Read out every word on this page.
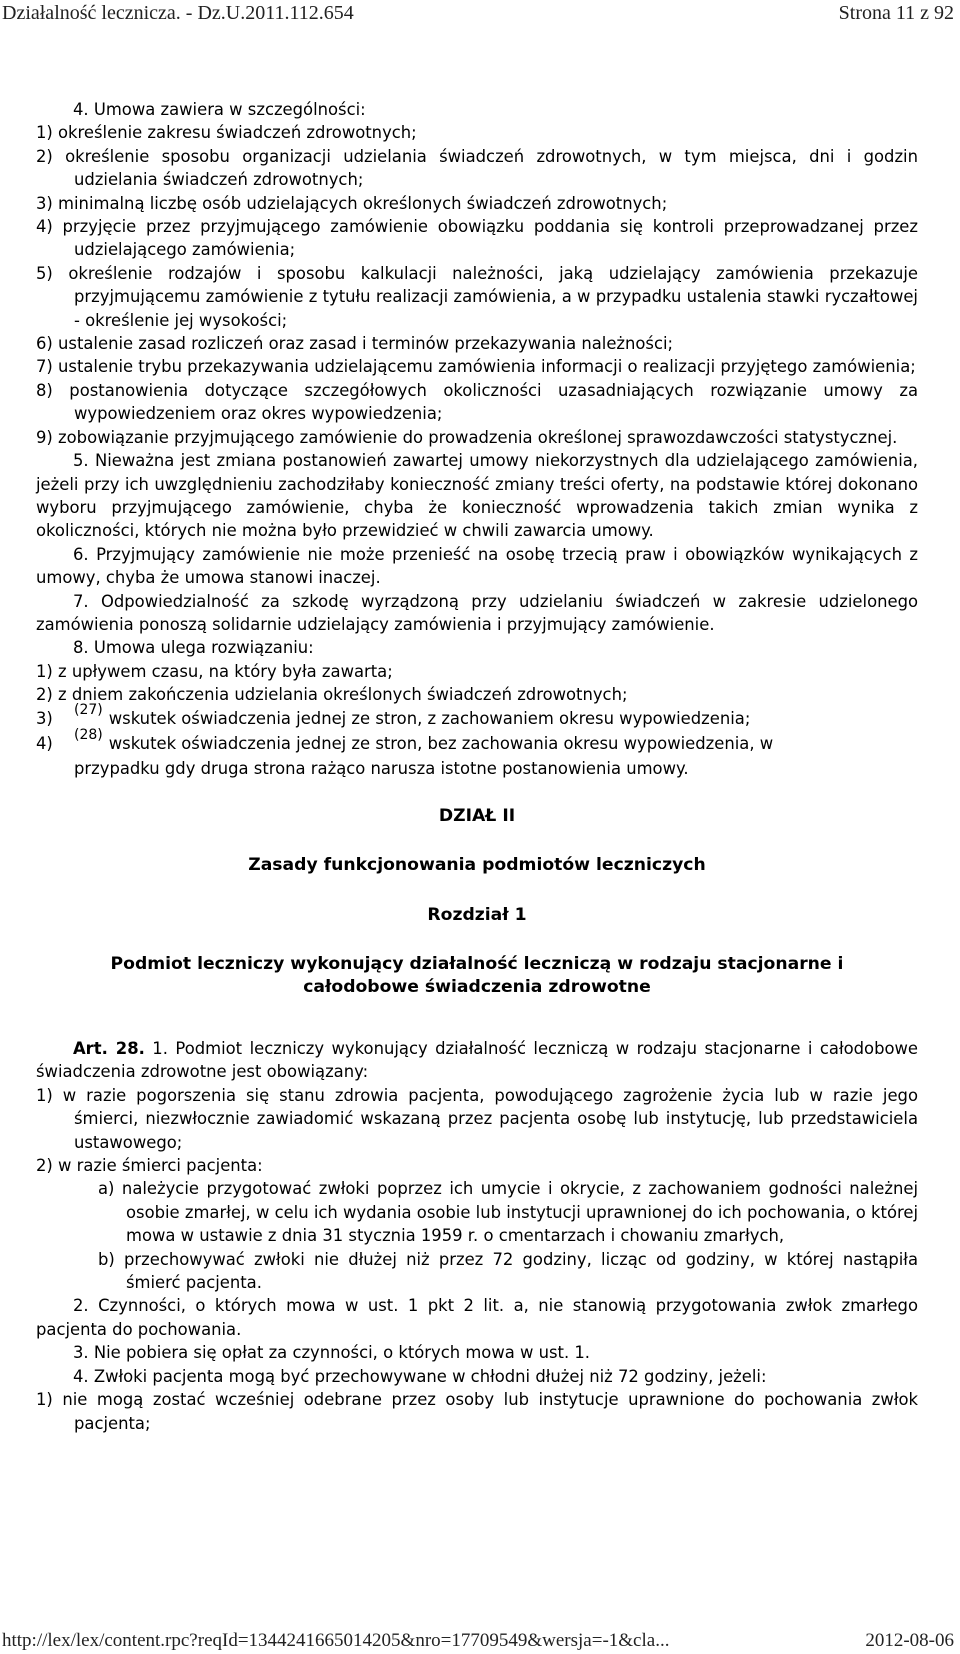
Działalność lecznicza. - Dz.U.2011.112.654	Strona 11 z 92

4. Umowa zawiera w szczególności:

1) określenie zakresu świadczeń zdrowotnych;

2) określenie sposobu organizacji udzielania świadczeń zdrowotnych, w tym miejsca, dni i godzin udzielania świadczeń zdrowotnych;

3) minimalną liczbę osób udzielających określonych świadczeń zdrowotnych;

4) przyjęcie przez przyjmującego zamówienie obowiązku poddania się kontroli przeprowadzanej przez udzielającego zamówienia;

5) określenie rodzajów i sposobu kalkulacji należności, jaką udzielający zamówienia przekazuje przyjmującemu zamówienie z tytułu realizacji zamówienia, a w przypadku ustalenia stawki ryczałtowej - określenie jej wysokości;

6) ustalenie zasad rozliczeń oraz zasad i terminów przekazywania należności;

7) ustalenie trybu przekazywania udzielającemu zamówienia informacji o realizacji przyjętego zamówienia;

8) postanowienia dotyczące szczegółowych okoliczności uzasadniających rozwiązanie umowy za wypowiedzeniem oraz okres wypowiedzenia;

9) zobowiązanie przyjmującego zamówienie do prowadzenia określonej sprawozdawczości statystycznej.

5. Nieważna jest zmiana postanowień zawartej umowy niekorzystnych dla udzielającego zamówienia, jeżeli przy ich uwzględnieniu zachodziłaby konieczność zmiany treści oferty, na podstawie której dokonano wyboru przyjmującego zamówienie, chyba że konieczność wprowadzenia takich zmian wynika z okoliczności, których nie można było przewidzieć w chwili zawarcia umowy.

6. Przyjmujący zamówienie nie może przenieść na osobę trzecią praw i obowiązków wynikających z umowy, chyba że umowa stanowi inaczej.

7. Odpowiedzialność za szkodę wyrządzoną przy udzielaniu świadczeń w zakresie udzielonego zamówienia ponoszą solidarnie udzielający zamówienia i przyjmujący zamówienie.

8. Umowa ulega rozwiązaniu:

1) z upływem czasu, na który była zawarta;

2) z dniem zakończenia udzielania określonych świadczeń zdrowotnych;

3) (27) wskutek oświadczenia jednej ze stron, z zachowaniem okresu wypowiedzenia;

4) (28) wskutek oświadczenia jednej ze stron, bez zachowania okresu wypowiedzenia, w

przypadku gdy druga strona rażąco narusza istotne postanowienia umowy.

DZIAŁ II

Zasady funkcjonowania podmiotów leczniczych

Rozdział 1

Podmiot leczniczy wykonujący działalność leczniczą w rodzaju stacjonarne i całodobowe świadczenia zdrowotne

Art. 28. 1. Podmiot leczniczy wykonujący działalność leczniczą w rodzaju stacjonarne i całodobowe świadczenia zdrowotne jest obowiązany:

1) w razie pogorszenia się stanu zdrowia pacjenta, powodującego zagrożenie życia lub w razie jego śmierci, niezwłocznie zawiadomić wskazaną przez pacjenta osobę lub instytucję, lub przedstawiciela ustawowego;

2) w razie śmierci pacjenta:

a) należycie przygotować zwłoki poprzez ich umycie i okrycie, z zachowaniem godności należnej osobie zmarłej, w celu ich wydania osobie lub instytucji uprawnionej do ich pochowania, o której mowa w ustawie z dnia 31 stycznia 1959 r. o cmentarzach i chowaniu zmarłych,

b) przechowywać zwłoki nie dłużej niż przez 72 godziny, licząc od godziny, w której nastąpiła śmierć pacjenta.

2. Czynności, o których mowa w ust. 1 pkt 2 lit. a, nie stanowią przygotowania zwłok zmarłego pacjenta do pochowania.

3. Nie pobiera się opłat za czynności, o których mowa w ust. 1.

4. Zwłoki pacjenta mogą być przechowywane w chłodni dłużej niż 72 godziny, jeżeli:

1) nie mogą zostać wcześniej odebrane przez osoby lub instytucje uprawnione do pochowania zwłok pacjenta;

http://lex/lex/content.rpc?reqId=1344241665014205&nro=17709549&wersja=-1&cla...	2012-08-06
